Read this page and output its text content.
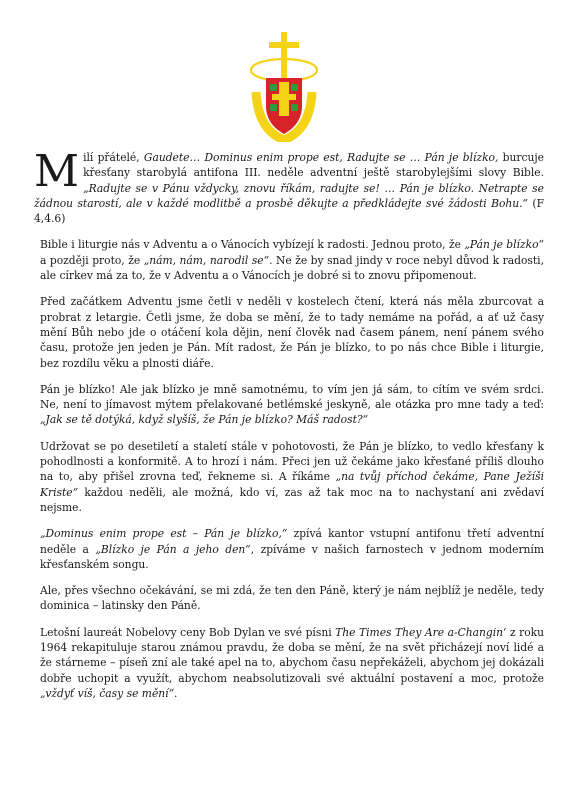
Milí přátelé, Gaudete… Dominus enim prope est, Radujte se … Pán je blízko, burcuje křesťany starobylá antifona III. neděle adventní ještě starobylejšími slovy Bible. „Radujte se v Pánu vždycky, znovu říkám, radujte se! … Pán je blízko. Netrapte se žádnou starostí, ale v každé modlitbě a prosbě děkujte a předkládejte své žádosti Bohu.“ (F 4,4.6)

Bible i liturgie nás v Adventu a o Vánocích vybízejí k radosti. Jednou proto, že „Pán je blízko“ a později proto, že „nám, nám, narodil se“. Ne že by snad jindy v roce nebyl důvod k radosti, ale církev má za to, že v Adventu a o Vánocích je dobré si to znovu připomenout.

Před začátkem Adventu jsme četli v neděli v kostelech čtení, která nás měla zburcovat a probrat z letargie. Četli jsme, že doba se mění, že to tady nemáme na pořád, a ať už časy mění Bůh nebo jde o otáčení kola dějin, není člověk nad časem pánem, není pánem svého času, protože jen jeden je Pán. Mít radost, že Pán je blízko, to po nás chce Bible i liturgie, bez rozdílu věku a plnosti diáře.

Pán je blízko! Ale jak blízko je mně samotnému, to vím jen já sám, to cítím ve svém srdci. Ne, není to jímavost mýtem přelakované betlémské jeskyně, ale otázka pro mne tady a teď: „Jak se tě dotýká, když slyšíš, že Pán je blízko? Máš radost?“

Udržovat se po desetiletí a staletí stále v pohotovosti, že Pán je blízko, to vedlo křesťany k pohodlnosti a konformitě. A to hrozí i nám. Přeci jen už čekáme jako křesťané příliš dlouho na to, aby přišel zrovna teď, řekneme si. A říkáme „na tvůj příchod čekáme, Pane Ježíši Kriste“ každou neděli, ale možná, kdo ví, zas až tak moc na to nachystaní ani zvědaví nejsme.

„Dominus enim prope est – Pán je blízko,“ zpívá kantor vstupní antifonu třetí adventní neděle a „Blízko je Pán a jeho den“, zpíváme v našich farnostech v jednom moderním křesťanském songu.

Ale, přes všechno očekávání, se mi zdá, že ten den Páně, který je nám nejblíž je neděle, tedy dominica – latinsky den Páně.

Letošní laureát Nobelovy ceny Bob Dylan ve své písni The Times They Are a-Changin‘ z roku 1964 rekapituluje starou známou pravdu, že doba se mění, že na svět přicházejí noví lidé a že stárneme – píseň zní ale také apel na to, abychom času nepřekáželi, abychom jej dokázali dobře uchopit a využít, abychom neabsolutizovali své aktuální postavení a moc, protože „vždyť víš, časy se mění“.
